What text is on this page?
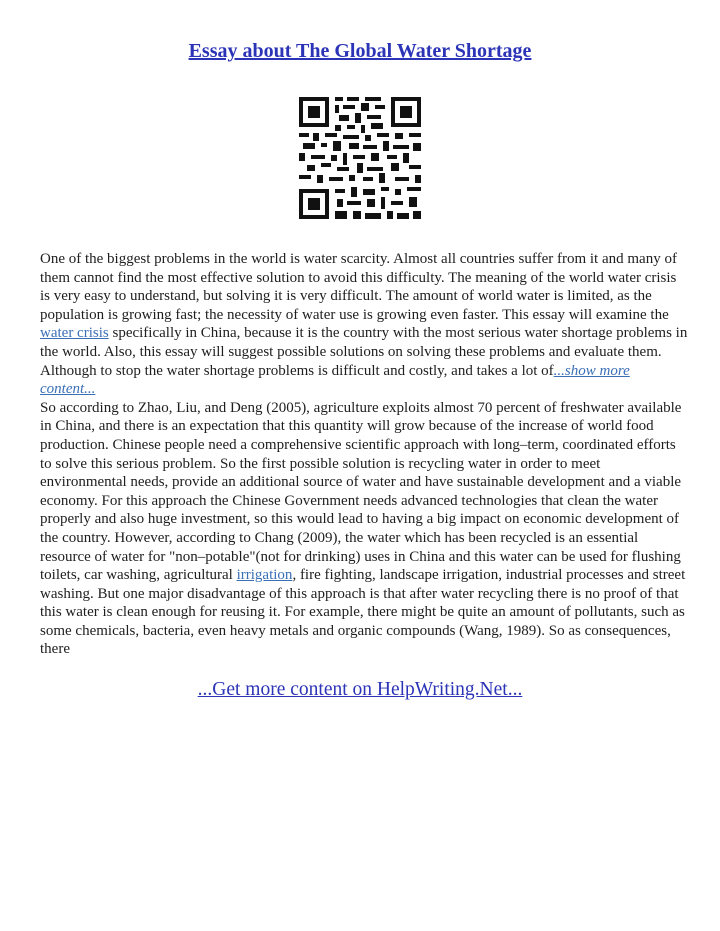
Essay about The Global Water Shortage

One of the biggest problems in the world is water scarcity. Almost all countries suffer from it and many of them cannot find the most effective solution to avoid this difficulty. The meaning of the world water crisis is very easy to understand, but solving it is very difficult. The amount of world water is limited, as the population is growing fast; the necessity of water use is growing even faster. This essay will examine the water crisis specifically in China, because it is the country with the most serious water shortage problems in the world. Also, this essay will suggest possible solutions on solving these problems and evaluate them. Although to stop the water shortage problems is difficult and costly, and takes a lot of...show more content...

So according to Zhao, Liu, and Deng (2005), agriculture exploits almost 70 percent of freshwater available in China, and there is an expectation that this quantity will grow because of the increase of world food production. Chinese people need a comprehensive scientific approach with long–term, coordinated efforts to solve this serious problem. So the first possible solution is recycling water in order to meet environmental needs, provide an additional source of water and have sustainable development and a viable economy. For this approach the Chinese Government needs advanced technologies that clean the water properly and also huge investment, so this would lead to having a big impact on economic development of the country. However, according to Chang (2009), the water which has been recycled is an essential resource of water for "non–potable"(not for drinking) uses in China and this water can be used for flushing toilets, car washing, agricultural irrigation, fire fighting, landscape irrigation, industrial processes and street washing. But one major disadvantage of this approach is that after water recycling there is no proof of that this water is clean enough for reusing it. For example, there might be quite an amount of pollutants, such as some chemicals, bacteria, even heavy metals and organic compounds (Wang, 1989). So as consequences, there

...Get more content on HelpWriting.Net...
